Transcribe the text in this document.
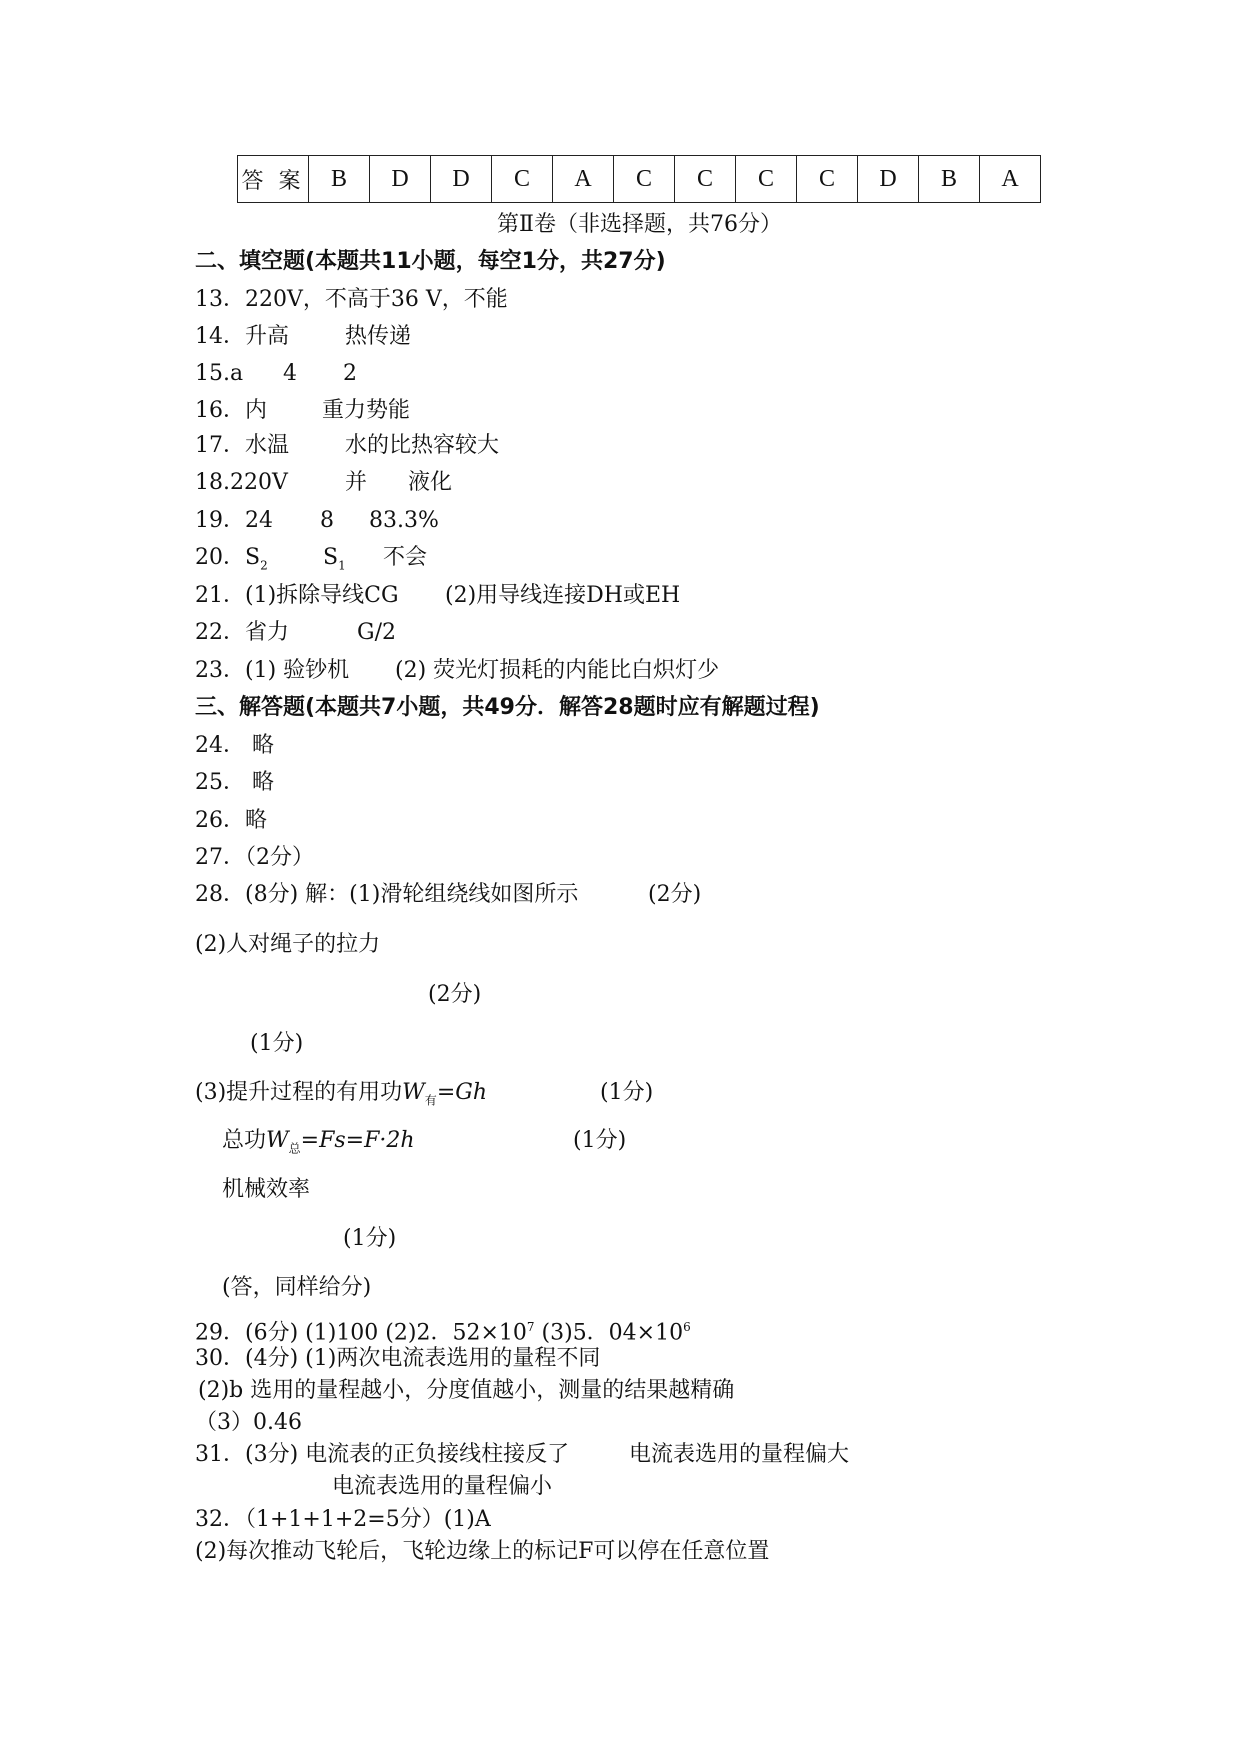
答 案	B	D	D	C	A	C	C	C	C	D	B	A
第Ⅱ卷（非选择题，共76分）
二、填空题(本题共11小题，每空1分，共27分)
13．220V，不高于36 V，不能
14．升高	热传递
15.a 4 2
16．内	重力势能
17．水温	水的比热容较大
18.220V	并 液化
19．24 8 83.3%
20．$S_2$	$S_1$ 不会
21．(1)拆除导线CG (2)用导线连接DH或EH
22．省力	G/2
23．(1) 验钞机 (2) 荧光灯损耗的内能比白炽灯少
三、解答题(本题共7小题，共49分．解答28题时应有解题过程)
24． 略
25． 略
26．略
27．（2分）
28．(8分) 解：(1)滑轮组绕线如图所示	(2分)
(2)人对绳子的拉力
(2分)
(1分)
(3)提升过程的有用功$W_有=Gh$	(1分)
总功$W_总=Fs=F\cdot 2h$	(1分)
机械效率
(1分)
(答，同样给分)
29．(6分) (1)100 (2)2．$52\times 10^7$ (3)5．$04\times 10^6$
30．(4分) (1)两次电流表选用的量程不同
(2)b 选用的量程越小，分度值越小，测量的结果越精确
（3）0.46
31．(3分) 电流表的正负接线柱接反了	电流表选用的量程偏大
电流表选用的量程偏小
32．（1+1+1+2=5分）(1)A
(2)每次推动飞轮后，飞轮边缘上的标记F可以停在任意位置
